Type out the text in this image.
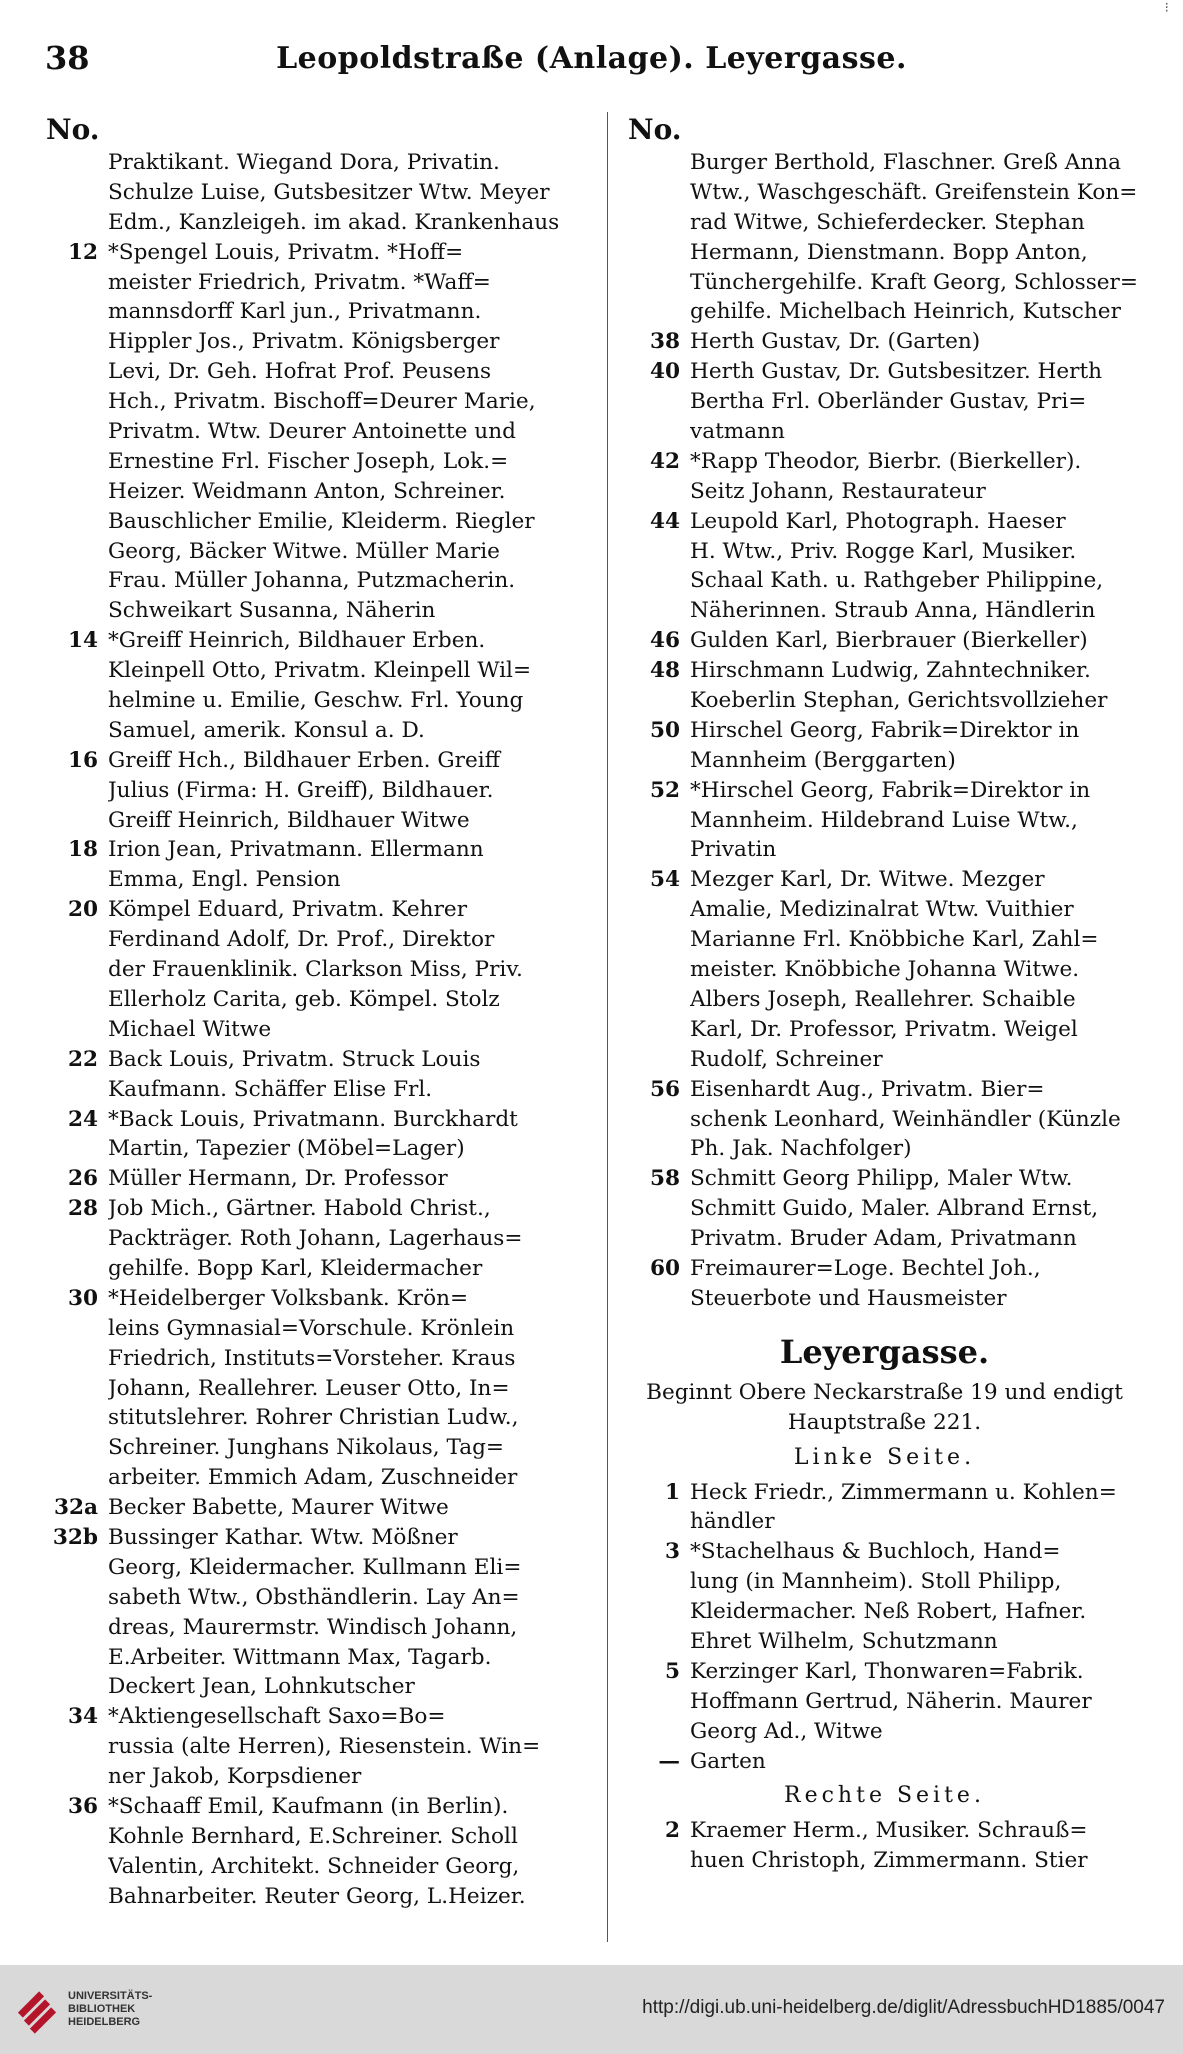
38	Leopoldstraße (Anlage). Leyergasse.
⁝
No.
Praktikant. Wiegand Dora, Privatin.
Schulze Luise, Gutsbesitzer Wtw. Meyer
Edm., Kanzleigeh. im akad. Krankenhaus
12 *Spengel Louis, Privatm. *Hoff=
meister Friedrich, Privatm. *Waff=
mannsdorff Karl jun., Privatmann.
Hippler Jos., Privatm. Königsberger
Levi, Dr. Geh. Hofrat Prof. Peusens
Hch., Privatm. Bischoff=Deurer Marie,
Privatm. Wtw. Deurer Antoinette und
Ernestine Frl. Fischer Joseph, Lok.=
Heizer. Weidmann Anton, Schreiner.
Bauschlicher Emilie, Kleiderm. Riegler
Georg, Bäcker Witwe. Müller Marie
Frau. Müller Johanna, Putzmacherin.
Schweikart Susanna, Näherin
14 *Greiff Heinrich, Bildhauer Erben.
Kleinpell Otto, Privatm. Kleinpell Wil=
helmine u. Emilie, Geschw. Frl. Young
Samuel, amerik. Konsul a. D.
16 Greiff Hch., Bildhauer Erben. Greiff
Julius (Firma: H. Greiff), Bildhauer.
Greiff Heinrich, Bildhauer Witwe
18 Irion Jean, Privatmann. Ellermann
Emma, Engl. Pension
20 Kömpel Eduard, Privatm. Kehrer
Ferdinand Adolf, Dr. Prof., Direktor
der Frauenklinik. Clarkson Miss, Priv.
Ellerholz Carita, geb. Kömpel. Stolz
Michael Witwe
22 Back Louis, Privatm. Struck Louis
Kaufmann. Schäffer Elise Frl.
24 *Back Louis, Privatmann. Burckhardt
Martin, Tapezier (Möbel=Lager)
26 Müller Hermann, Dr. Professor
28 Job Mich., Gärtner. Habold Christ.,
Packträger. Roth Johann, Lagerhaus=
gehilfe. Bopp Karl, Kleidermacher
30 *Heidelberger Volksbank. Krön=
leins Gymnasial=Vorschule. Krönlein
Friedrich, Instituts=Vorsteher. Kraus
Johann, Reallehrer. Leuser Otto, In=
stitutslehrer. Rohrer Christian Ludw.,
Schreiner. Junghans Nikolaus, Tag=
arbeiter. Emmich Adam, Zuschneider
32a Becker Babette, Maurer Witwe
32b Bussinger Kathar. Wtw. Mößner
Georg, Kleidermacher. Kullmann Eli=
sabeth Wtw., Obsthändlerin. Lay An=
dreas, Maurermstr. Windisch Johann,
E.Arbeiter. Wittmann Max, Tagarb.
Deckert Jean, Lohnkutscher
34 *Aktiengesellschaft Saxo=Bo=
russia (alte Herren), Riesenstein. Win=
ner Jakob, Korpsdiener
36 *Schaaff Emil, Kaufmann (in Berlin).
Kohnle Bernhard, E.Schreiner. Scholl
Valentin, Architekt. Schneider Georg,
Bahnarbeiter. Reuter Georg, L.Heizer.
No.
Burger Berthold, Flaschner. Greß Anna
Wtw., Waschgeschäft. Greifenstein Kon=
rad Witwe, Schieferdecker. Stephan
Hermann, Dienstmann. Bopp Anton,
Tünchergehilfe. Kraft Georg, Schlosser=
gehilfe. Michelbach Heinrich, Kutscher
38 Herth Gustav, Dr. (Garten)
40 Herth Gustav, Dr. Gutsbesitzer. Herth
Bertha Frl. Oberländer Gustav, Pri=
vatmann
42 *Rapp Theodor, Bierbr. (Bierkeller).
Seitz Johann, Restaurateur
44 Leupold Karl, Photograph. Haeser
H. Wtw., Priv. Rogge Karl, Musiker.
Schaal Kath. u. Rathgeber Philippine,
Näherinnen. Straub Anna, Händlerin
46 Gulden Karl, Bierbrauer (Bierkeller)
48 Hirschmann Ludwig, Zahntechniker.
Koeberlin Stephan, Gerichtsvollzieher
50 Hirschel Georg, Fabrik=Direktor in
Mannheim (Berggarten)
52 *Hirschel Georg, Fabrik=Direktor in
Mannheim. Hildebrand Luise Wtw.,
Privatin
54 Mezger Karl, Dr. Witwe. Mezger
Amalie, Medizinalrat Wtw. Vuithier
Marianne Frl. Knöbbiche Karl, Zahl=
meister. Knöbbiche Johanna Witwe.
Albers Joseph, Reallehrer. Schaible
Karl, Dr. Professor, Privatm. Weigel
Rudolf, Schreiner
56 Eisenhardt Aug., Privatm. Bier=
schenk Leonhard, Weinhändler (Künzle
Ph. Jak. Nachfolger)
58 Schmitt Georg Philipp, Maler Wtw.
Schmitt Guido, Maler. Albrand Ernst,
Privatm. Bruder Adam, Privatmann
60 Freimaurer=Loge. Bechtel Joh.,
Steuerbote und Hausmeister
Leyergasse.
Beginnt Obere Neckarstraße 19 und endigt
Hauptstraße 221.
Linke Seite.
1 Heck Friedr., Zimmermann u. Kohlen=
händler
3 *Stachelhaus & Buchloch, Hand=
lung (in Mannheim). Stoll Philipp,
Kleidermacher. Neß Robert, Hafner.
Ehret Wilhelm, Schutzmann
5 Kerzinger Karl, Thonwaren=Fabrik.
Hoffmann Gertrud, Näherin. Maurer
Georg Ad., Witwe
— Garten
Rechte Seite.
2 Kraemer Herm., Musiker. Schrauß=
huen Christoph, Zimmermann. Stier
UNIVERSITÄTS-
BIBLIOTHEK
HEIDELBERG
http://digi.ub.uni-heidelberg.de/diglit/AdressbuchHD1885/0047
